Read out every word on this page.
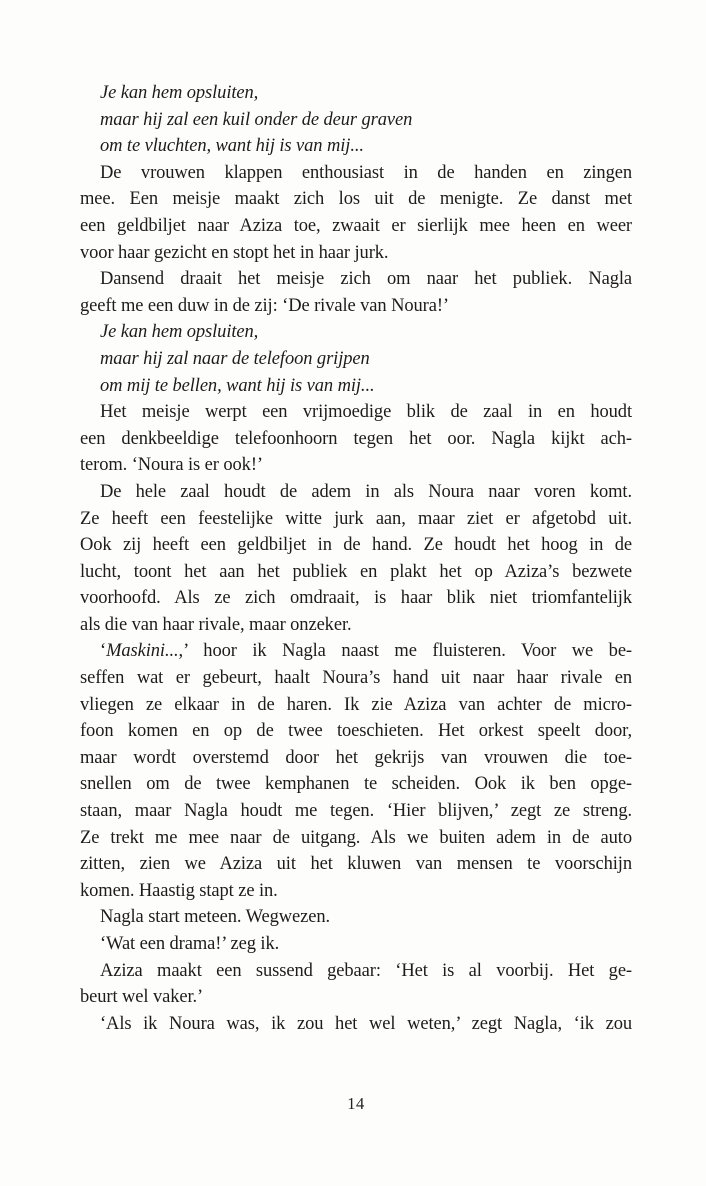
Je kan hem opsluiten,
maar hij zal een kuil onder de deur graven
om te vluchten, want hij is van mij...
De vrouwen klappen enthousiast in de handen en zingen
mee. Een meisje maakt zich los uit de menigte. Ze danst met
een geldbiljet naar Aziza toe, zwaait er sierlijk mee heen en weer
voor haar gezicht en stopt het in haar jurk.
Dansend draait het meisje zich om naar het publiek. Nagla
geeft me een duw in de zij: ‘De rivale van Noura!’
Je kan hem opsluiten,
maar hij zal naar de telefoon grijpen
om mij te bellen, want hij is van mij...
Het meisje werpt een vrijmoedige blik de zaal in en houdt
een denkbeeldige telefoonhoorn tegen het oor. Nagla kijkt ach-
terom. ‘Noura is er ook!’
De hele zaal houdt de adem in als Noura naar voren komt.
Ze heeft een feestelijke witte jurk aan, maar ziet er afgetobd uit.
Ook zij heeft een geldbiljet in de hand. Ze houdt het hoog in de
lucht, toont het aan het publiek en plakt het op Aziza’s bezwete
voorhoofd. Als ze zich omdraait, is haar blik niet triomfantelijk
als die van haar rivale, maar onzeker.
‘Maskini...,’ hoor ik Nagla naast me fluisteren. Voor we be-
seffen wat er gebeurt, haalt Noura’s hand uit naar haar rivale en
vliegen ze elkaar in de haren. Ik zie Aziza van achter de micro-
foon komen en op de twee toeschieten. Het orkest speelt door,
maar wordt overstemd door het gekrijs van vrouwen die toe-
snellen om de twee kemphanen te scheiden. Ook ik ben opge-
staan, maar Nagla houdt me tegen. ‘Hier blijven,’ zegt ze streng.
Ze trekt me mee naar de uitgang. Als we buiten adem in de auto
zitten, zien we Aziza uit het kluwen van mensen te voorschijn
komen. Haastig stapt ze in.
Nagla start meteen. Wegwezen.
‘Wat een drama!’ zeg ik.
Aziza maakt een sussend gebaar: ‘Het is al voorbij. Het ge-
beurt wel vaker.’
‘Als ik Noura was, ik zou het wel weten,’ zegt Nagla, ‘ik zou
14
